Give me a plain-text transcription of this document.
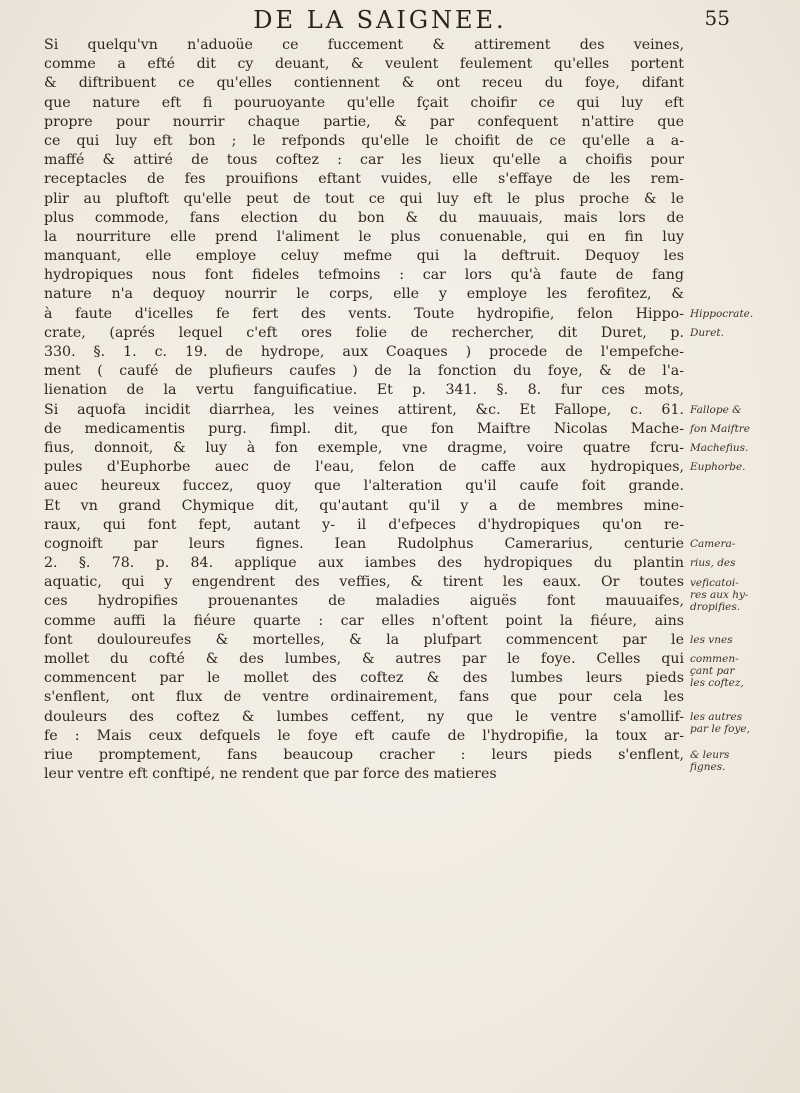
DE LA SAIGNEE.	55
Si quelqu'vn n'aduoüe ce fuccement & attirement des veines,
comme a efté dit cy deuant, & veulent feulement qu'elles portent
& diftribuent ce qu'elles contiennent & ont receu du foye, difant
que nature eft fi pouruoyante qu'elle fçait choifir ce qui luy eft
propre pour nourrir chaque partie, & par confequent n'attire que
ce qui luy eft bon ; le refponds qu'elle le choifit de ce qu'elle a a-
maffé & attiré de tous coftez : car les lieux qu'elle a choifis pour
receptacles de fes prouifions eftant vuides, elle s'effaye de les rem-
plir au pluftoft qu'elle peut de tout ce qui luy eft le plus proche & le
plus commode, fans election du bon & du mauuais, mais lors de
la nourriture elle prend l'aliment le plus conuenable, qui en fin luy
manquant, elle employe celuy mefme qui la deftruit. Dequoy les
hydropiques nous font fideles tefmoins : car lors qu'à faute de fang
nature n'a dequoy nourrir le corps, elle y employe les ferofitez, &
à faute d'icelles fe fert des vents. Toute hydropifie, felon Hippo-
crate, (aprés lequel c'eft ores folie de rechercher, dit Duret, p.
330. §. 1. c. 19. de hydrope, aux Coaques ) procede de l'empefche-
ment ( caufé de plufieurs caufes ) de la fonction du foye, & de l'a-
lienation de la vertu fanguificatiue. Et p. 341. §. 8. fur ces mots,
Si aquofa incidit diarrhea, les veines attirent, &c. Et Fallope, c. 61.
de medicamentis purg. fimpl. dit, que fon Maiftre Nicolas Mache-
fius, donnoit, & luy à fon exemple, vne dragme, voire quatre fcru-
pules d'Euphorbe auec de l'eau, felon de caffe aux hydropiques,
auec heureux fuccez, quoy que l'alteration qu'il caufe foit grande.
Et vn grand Chymique dit, qu'autant qu'il y a de membres mine-
raux, qui font fept, autant y- il d'efpeces d'hydropiques qu'on re-
cognoift par leurs fignes. Iean Rudolphus Camerarius, centurie
2. §. 78. p. 84. applique aux iambes des hydropiques du plantin
aquatic, qui y engendrent des veffies, & tirent les eaux. Or toutes
ces hydropifies prouenantes de maladies aiguës font mauuaifes,
comme auffi la fiéure quarte : car elles n'oftent point la fiéure, ains
font douloureufes & mortelles, & la plufpart commencent par le
mollet du cofté & des lumbes, & autres par le foye. Celles qui
commencent par le mollet des coftez & des lumbes leurs pieds
s'enflent, ont flux de ventre ordinairement, fans que pour cela les
douleurs des coftez & lumbes ceffent, ny que le ventre s'amollif-
fe : Mais ceux defquels le foye eft caufe de l'hydropifie, la toux ar-
riue promptement, fans beaucoup cracher : leurs pieds s'enflent,
leur ventre eft conftipé, ne rendent que par force des matieres
Hippocrate.
Duret.
Fallope &
fon Maiftre
Machefius.
Euphorbe.
Camera-
rius, des
veficatoi-
res aux hy-
dropifies.
les vnes
commen-
çant par
les coftez,
les autres
par le foye,
& leurs
fignes.
